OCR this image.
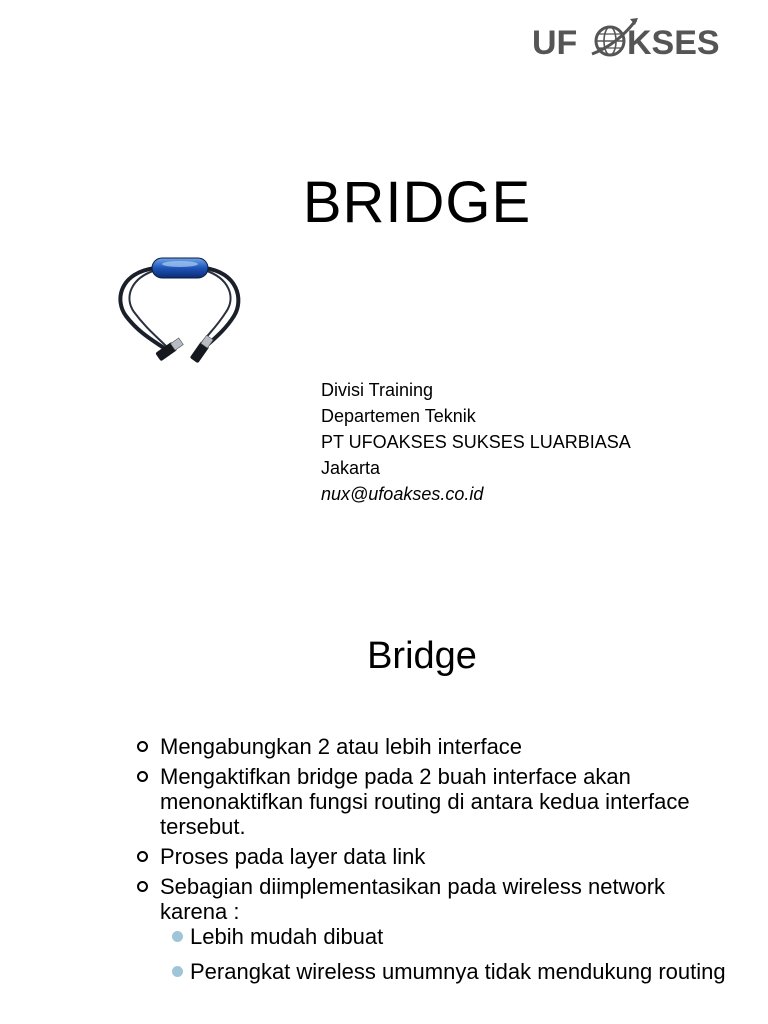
UF KSES
BRIDGE
Divisi Training
Departemen Teknik
PT UFOAKSES SUKSES LUARBIASA
Jakarta
nux@ufoakses.co.id
Bridge
Mengabungkan 2 atau lebih interface
Mengaktifkan bridge pada 2 buah interface akan menonaktifkan fungsi routing di antara kedua interface tersebut.
Proses pada layer data link
Sebagian diimplementasikan pada wireless network karena :
Lebih mudah dibuat
Perangkat wireless umumnya tidak mendukung routing
